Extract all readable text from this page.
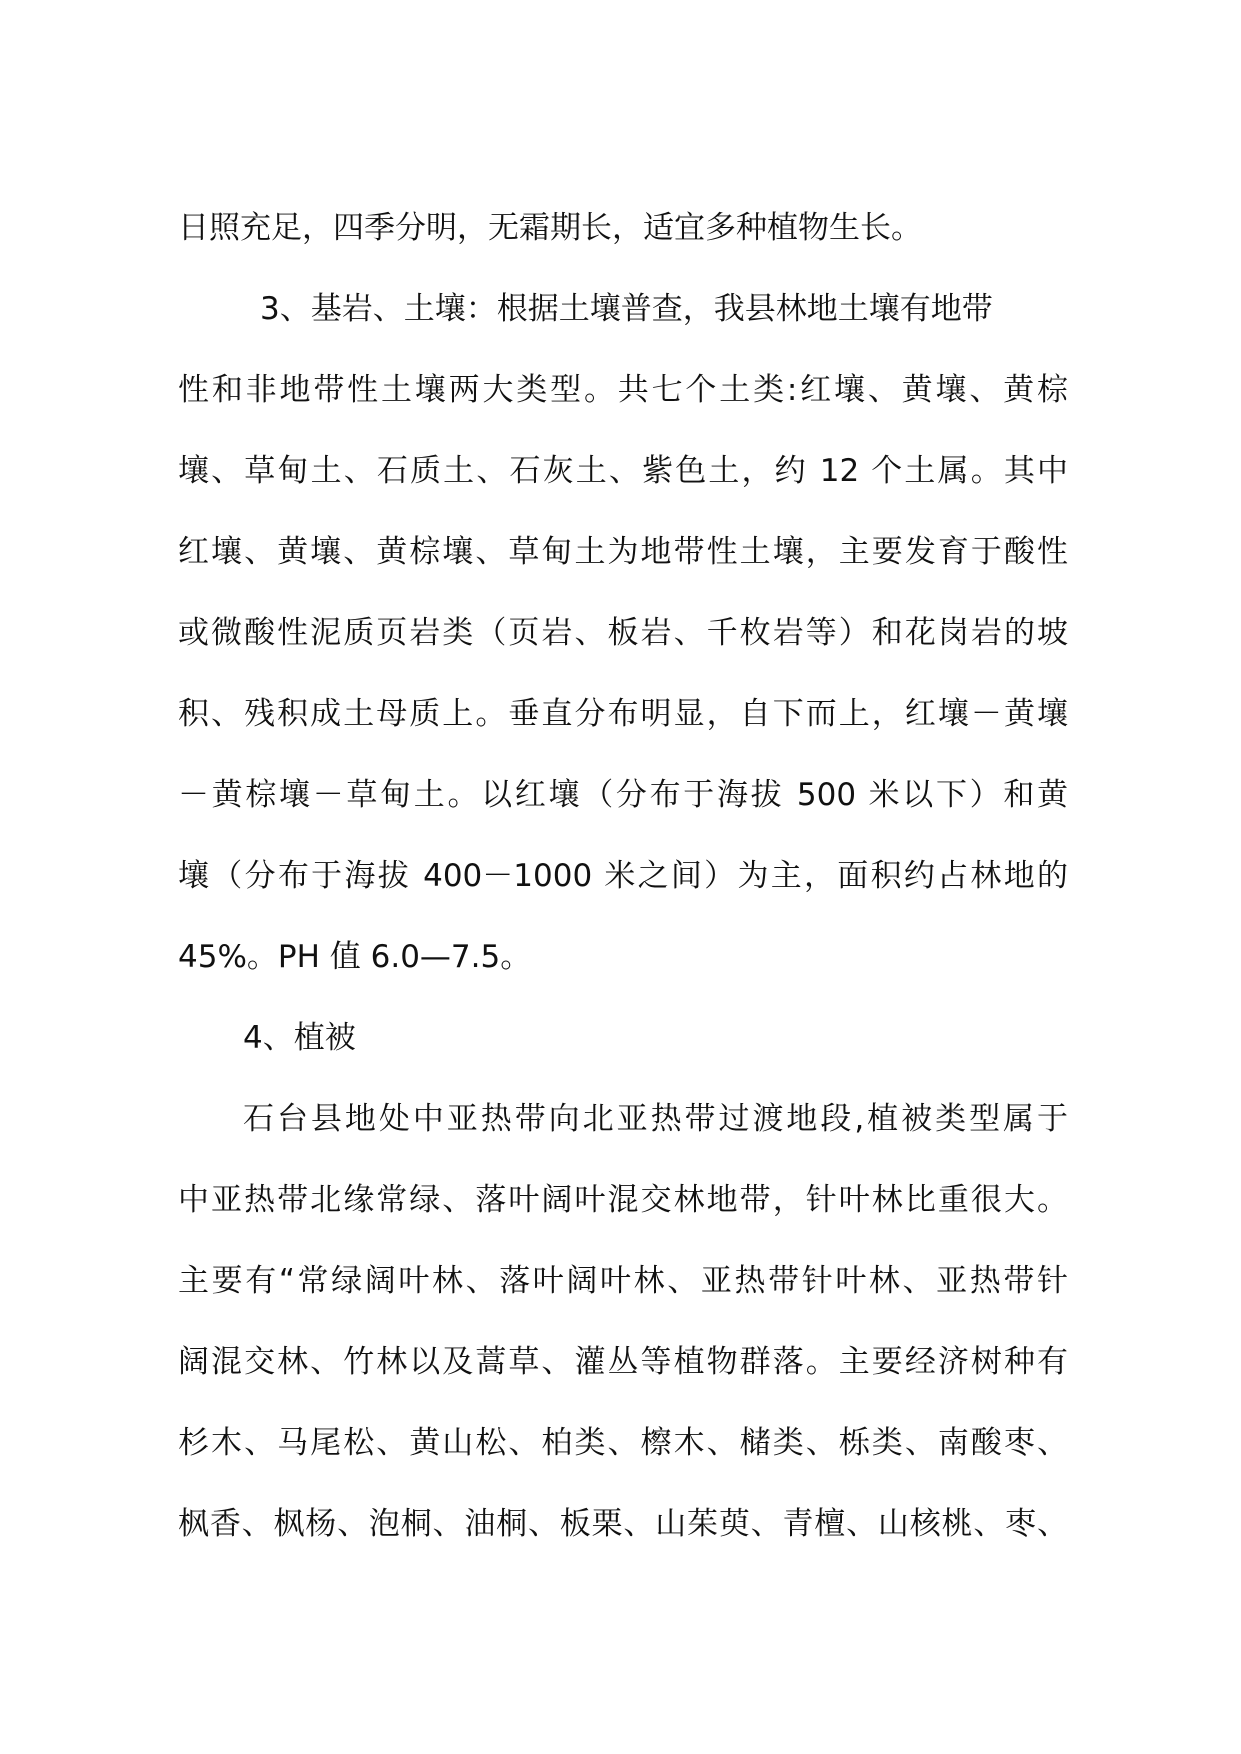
日照充足，四季分明，无霜期长，适宜多种植物生长。
3、基岩、土壤：根据土壤普查，我县林地土壤有地带
性和非地带性土壤两大类型。共七个土类:红壤、黄壤、黄棕
壤、草甸土、石质土、石灰土、紫色土，约 12 个土属。其中
红壤、黄壤、黄棕壤、草甸土为地带性土壤，主要发育于酸性
或微酸性泥质页岩类（页岩、板岩、千枚岩等）和花岗岩的坡
积、残积成土母质上。垂直分布明显，自下而上，红壤－黄壤
－黄棕壤－草甸土。以红壤（分布于海拔 500 米以下）和黄
壤（分布于海拔 400－1000 米之间）为主，面积约占林地的
45%。PH 值 6.0—7.5。
4、植被
石台县地处中亚热带向北亚热带过渡地段,植被类型属于
中亚热带北缘常绿、落叶阔叶混交林地带，针叶林比重很大。
主要有“常绿阔叶林、落叶阔叶林、亚热带针叶林、亚热带针
阔混交林、竹林以及蒿草、灌丛等植物群落。主要经济树种有
杉木、马尾松、黄山松、柏类、檫木、槠类、栎类、南酸枣、
枫香、枫杨、泡桐、油桐、板栗、山茱萸、青檀、山核桃、枣、
